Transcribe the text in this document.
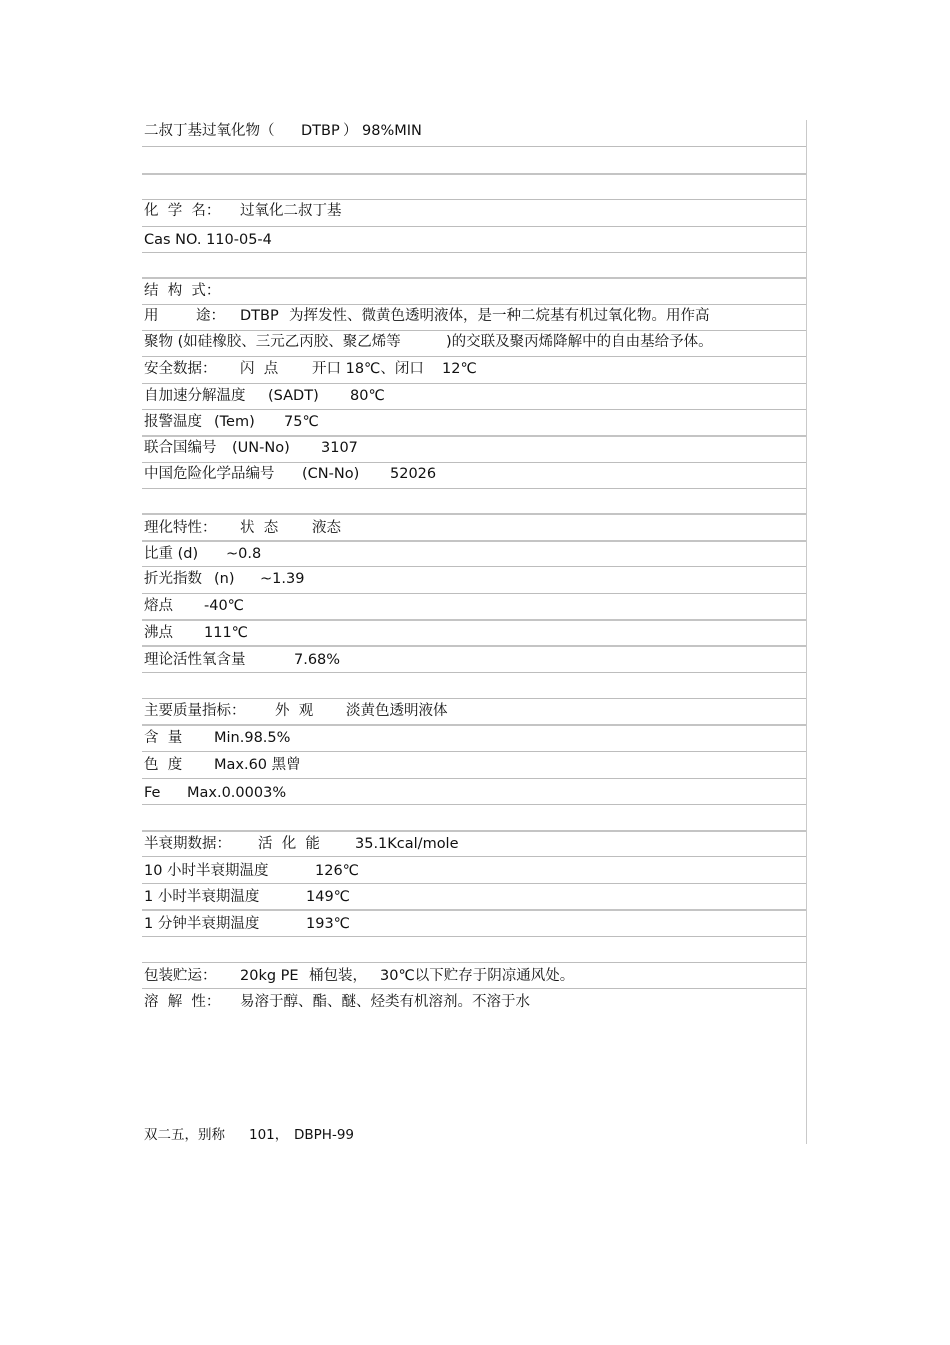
二叔丁基过氧化物（ DTBP ） 98%MIN
化  学  名： 过氧化二叔丁基
Cas NO. 110-05-4
结  构  式：
用	途： DTBP 为挥发性、微黄色透明液体，是一种二烷基有机过氧化物。用作高
聚物 (如硅橡胶、三元乙丙胶、聚乙烯等	)的交联及聚丙烯降解中的自由基给予体。
安全数据： 闪  点 开口 18℃、闭口 12℃
自加速分解温度 (SADT) 80℃
报警温度 (Tem) 75℃
联合国编号 (UN-No) 3107
中国危险化学品编号 (CN-No) 52026
理化特性： 状  态 液态
比重 (d) ~0.8
折光指数 (n) ~1.39
熔点 -40℃
沸点 111℃
理论活性氧含量	7.68%
主要质量指标： 外  观 淡黄色透明液体
含  量 Min.98.5%
色  度 Max.60 黑曾
Fe Max.0.0003%
半衰期数据： 活  化  能 35.1Kcal/mole
10 小时半衰期温度	126℃
1 小时半衰期温度	149℃
1 分钟半衰期温度	193℃
包装贮运： 20kg PE 桶包装， 30℃以下贮存于阴凉通风处。
溶  解  性： 易溶于醇、酯、醚、烃类有机溶剂。不溶于水
双二五，别称 101， DBPH-99
